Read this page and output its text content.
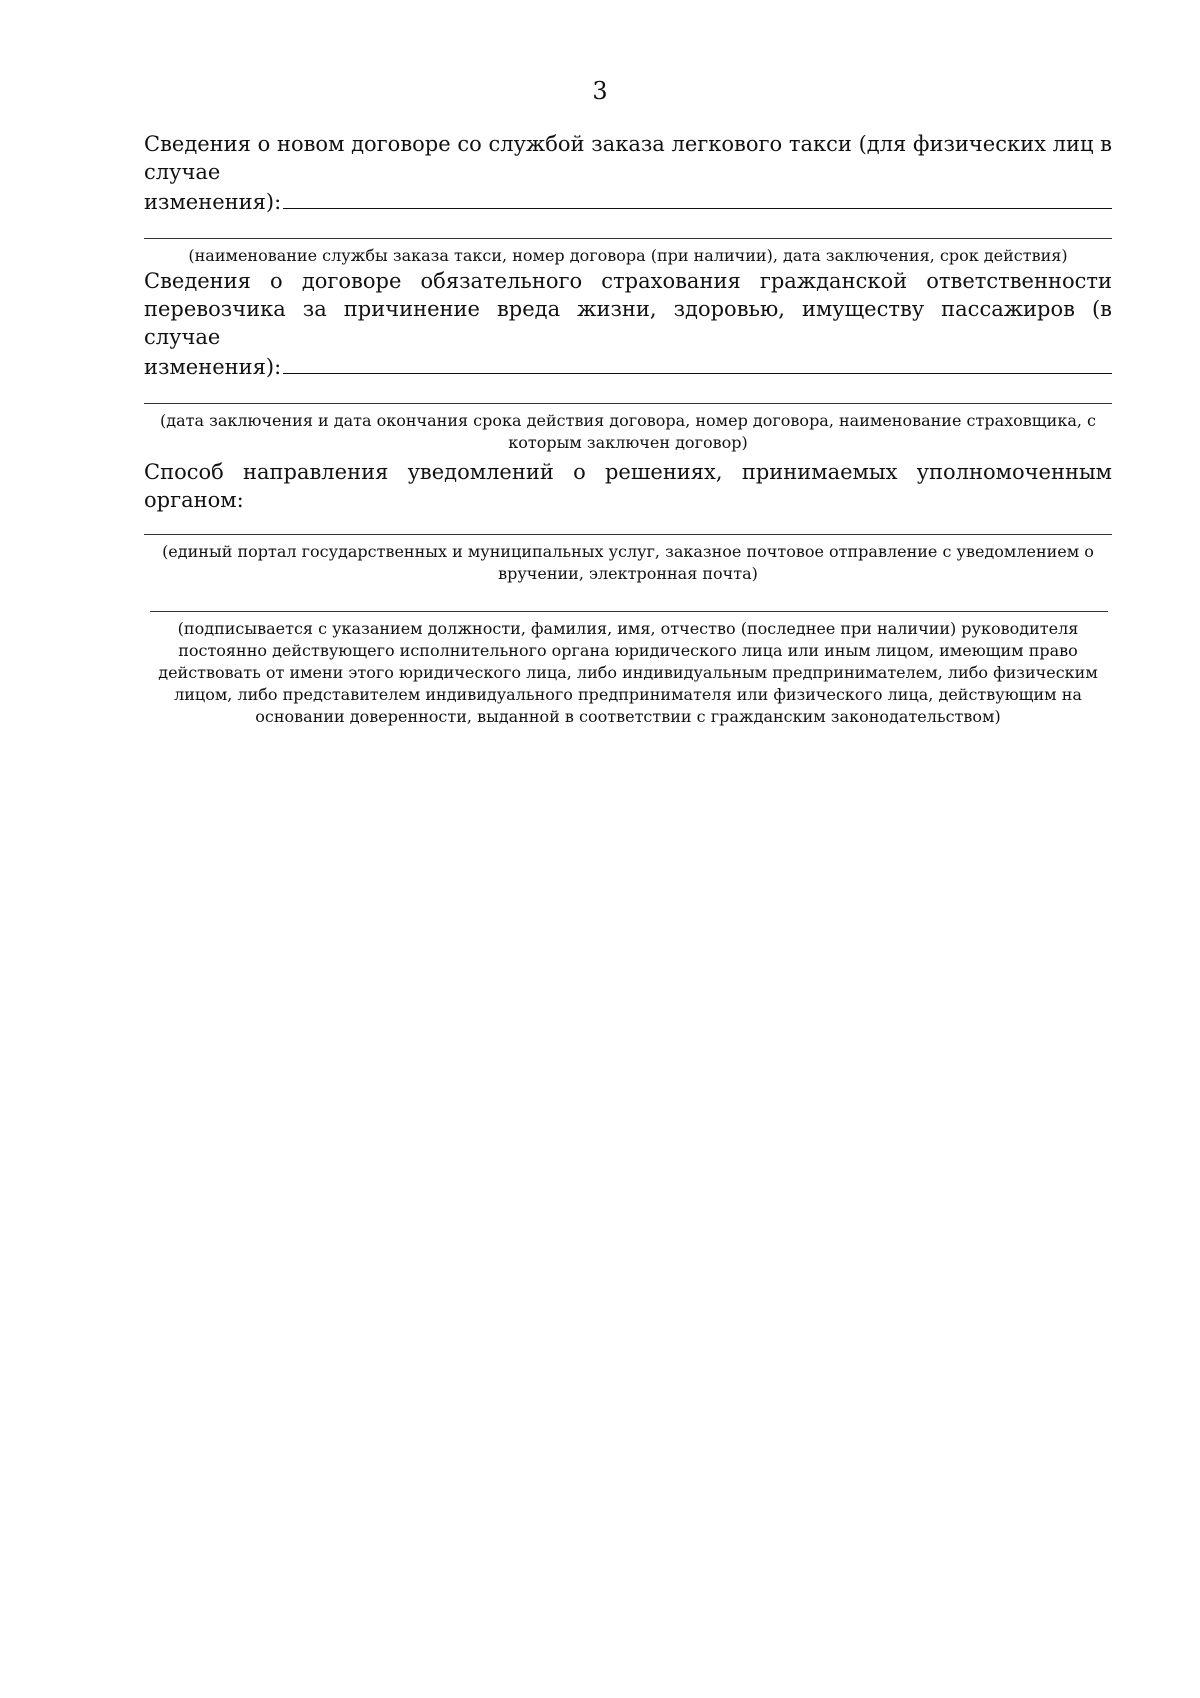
3

Сведения о новом договоре со службой заказа легкового такси (для физических лиц в случае

изменения):

(наименование службы заказа такси, номер договора (при наличии), дата заключения, срок действия)

Сведения о договоре обязательного страхования гражданской ответственности перевозчика за причинение вреда жизни, здоровью, имуществу пассажиров (в случае

изменения):

(дата заключения и дата окончания срока действия договора, номер договора, наименование страховщика, с которым заключен договор)

Способ направления уведомлений о решениях, принимаемых уполномоченным органом:

(единый портал государственных и муниципальных услуг, заказное почтовое отправление с уведомлением о вручении, электронная почта)

(подписывается с указанием должности, фамилия, имя, отчество (последнее при наличии) руководителя постоянно действующего исполнительного органа юридического лица или иным лицом, имеющим право действовать от имени этого юридического лица, либо индивидуальным предпринимателем, либо физическим лицом, либо представителем индивидуального предпринимателя или физического лица, действующим на основании доверенности, выданной в соответствии с гражданским законодательством)
